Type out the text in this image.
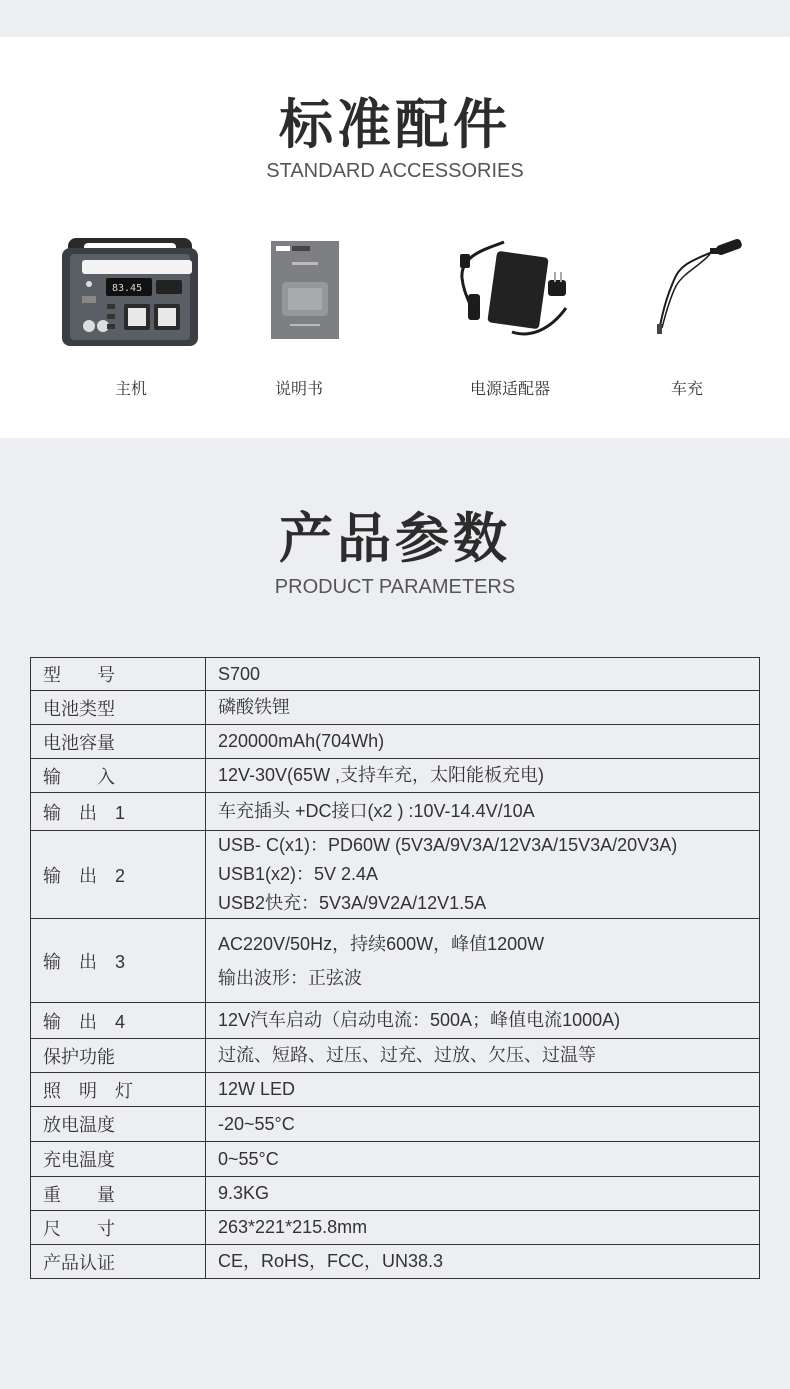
标准配件
STANDARD ACCESSORIES
83.45
主机	说明书	电源适配器	车充
产品参数
PRODUCT PARAMETERS
型　　号	S700

电池类型	磷酸铁锂

电池容量	220000mAh(704Wh)

输　　入	12V-30V(65W ,支持车充，太阳能板充电)

输　出　1	车充插头 +DC接口(x2 ) :10V-14.4V/10A

输　出　2	USB- C(x1)：PD60W (5V3A/9V3A/12V3A/15V3A/20V3A)
USB1(x2)：5V 2.4A
USB2快充：5V3A/9V2A/12V1.5A

输　出　3	AC220V/50Hz，持续600W，峰值1200W
输出波形：正弦波

输　出　4	12V汽车启动（启动电流：500A；峰值电流1000A)

保护功能	过流、短路、过压、过充、过放、欠压、过温等

照　明　灯	12W LED

放电温度	-20~55°C

充电温度	0~55°C

重　　量	9.3KG

尺　　寸	263*221*215.8mm

产品认证	CE，RoHS，FCC，UN38.3
